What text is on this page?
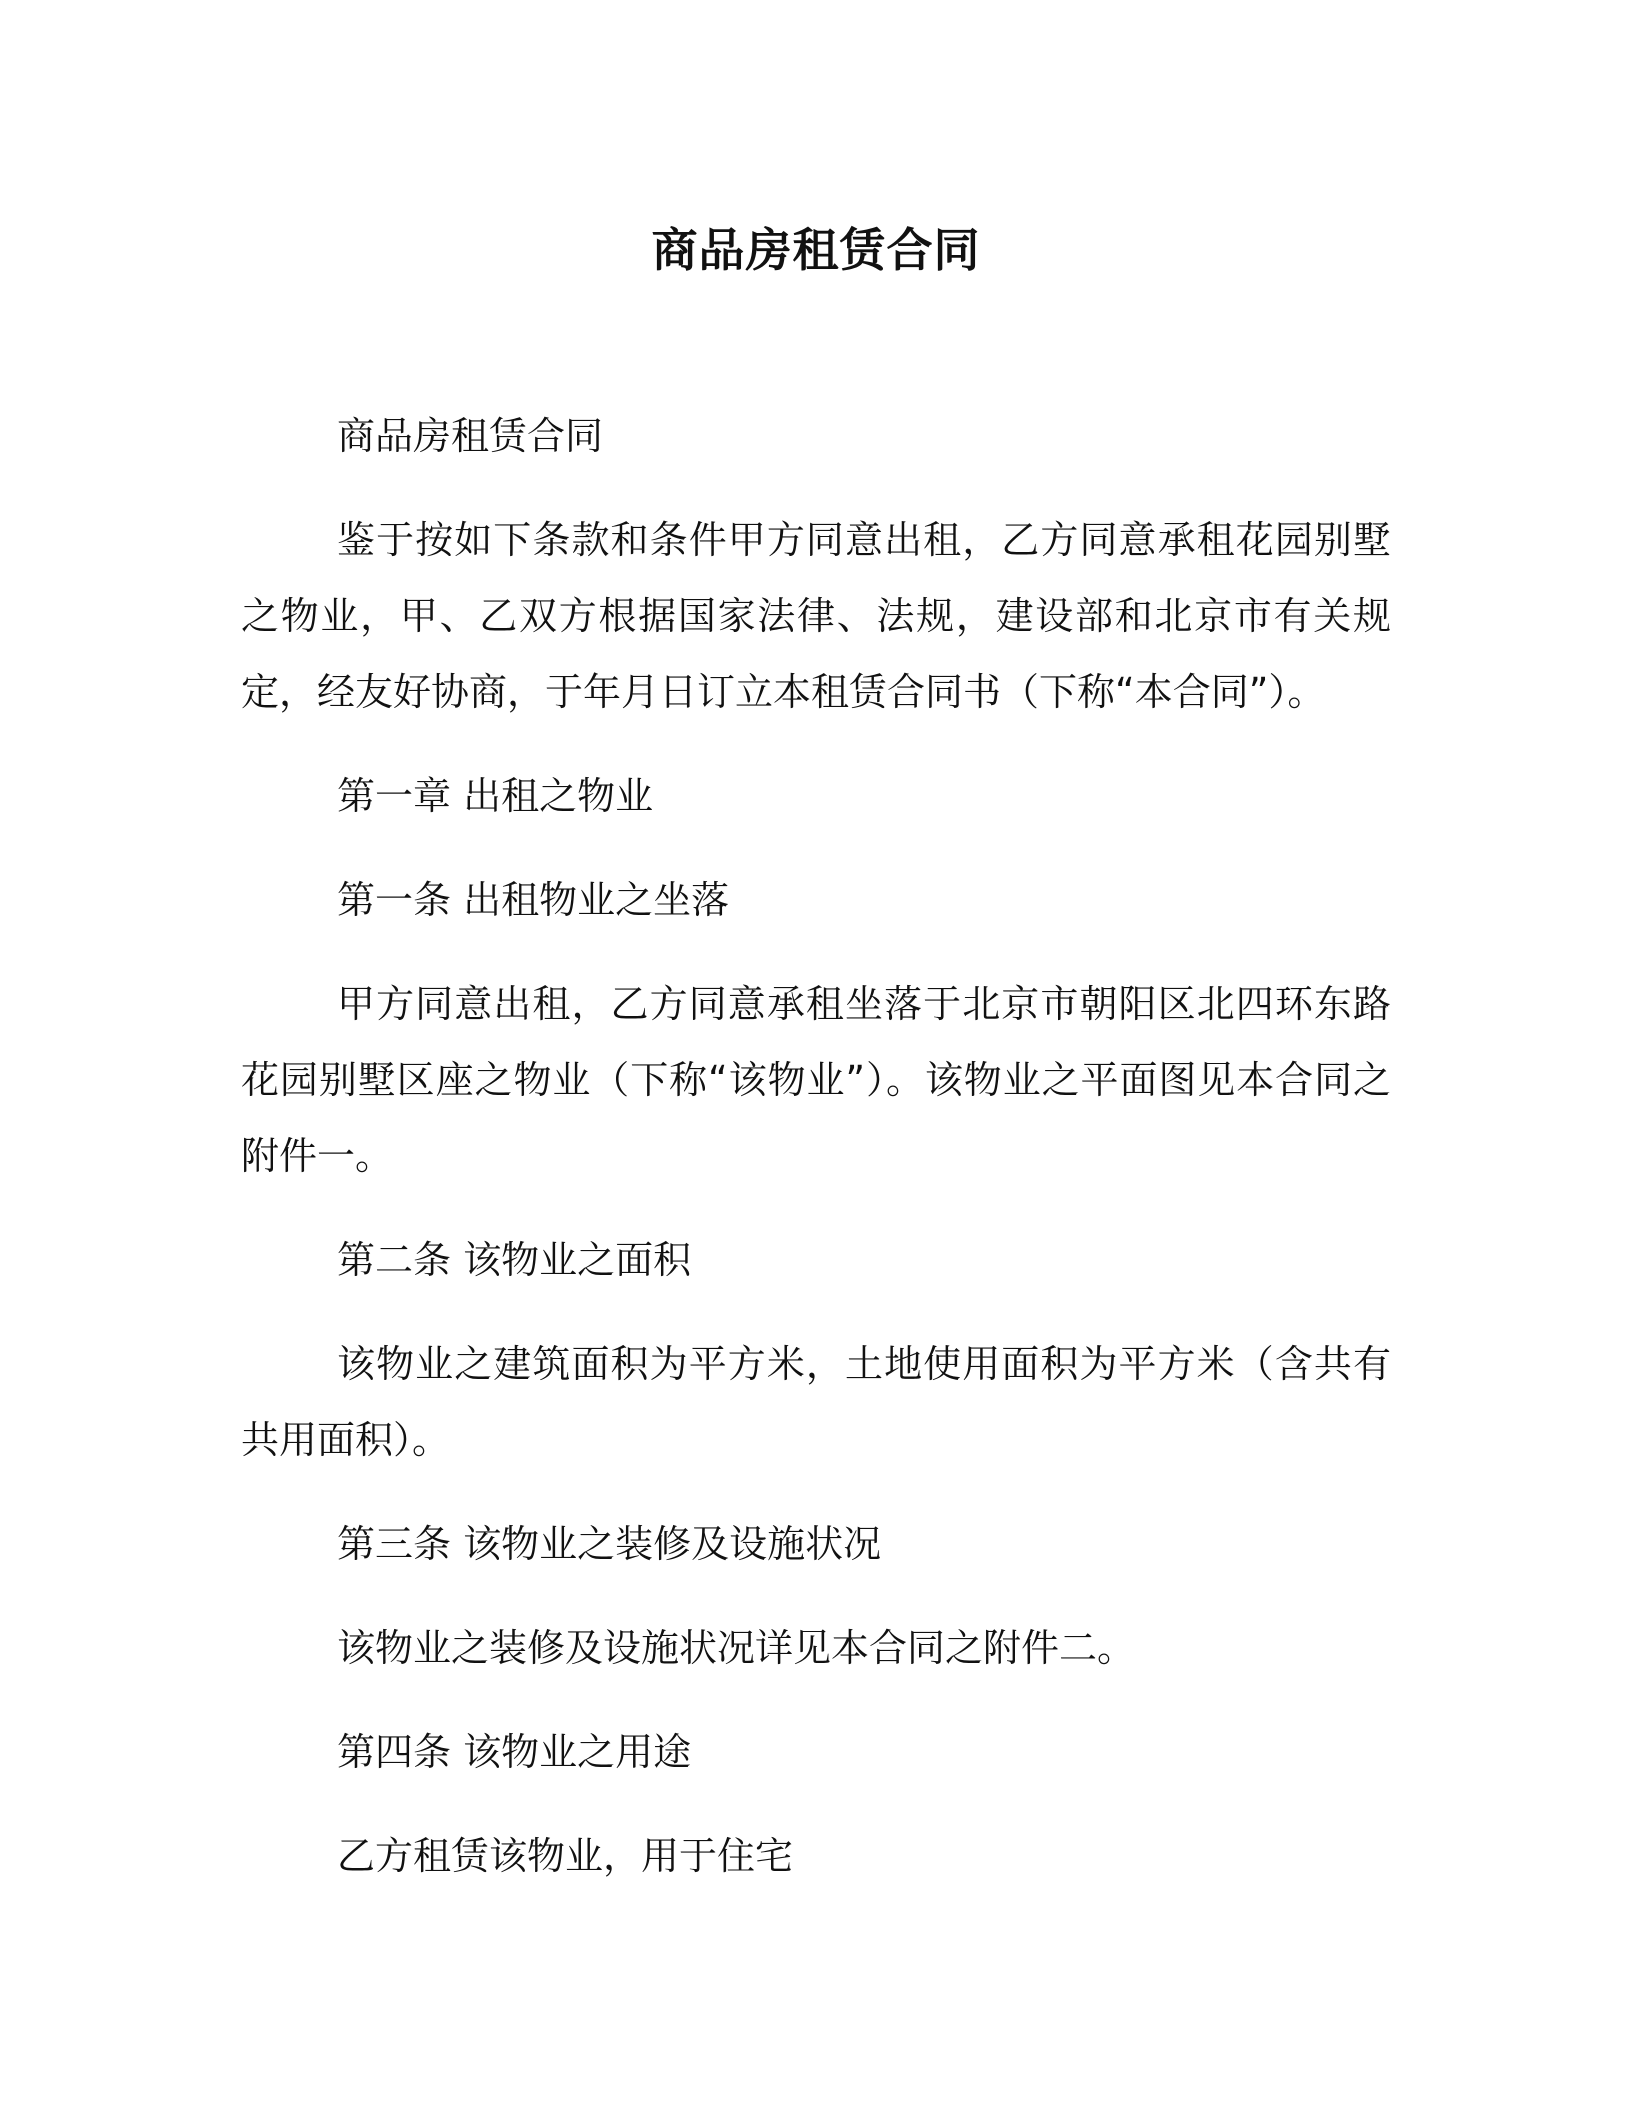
商品房租赁合同

商品房租赁合同

鉴于按如下条款和条件甲方同意出租，乙方同意承租花园别墅之物业，甲、乙双方根据国家法律、法规，建设部和北京市有关规定，经友好协商，于年月日订立本租赁合同书（下称“本合同”）。

第一章 出租之物业

第一条 出租物业之坐落

甲方同意出租，乙方同意承租坐落于北京市朝阳区北四环东路花园别墅区座之物业（下称“该物业”）。该物业之平面图见本合同之附件一。

第二条 该物业之面积

该物业之建筑面积为平方米，土地使用面积为平方米（含共有共用面积）。

第三条 该物业之装修及设施状况

该物业之装修及设施状况详见本合同之附件二。

第四条 该物业之用途

乙方租赁该物业，用于住宅
